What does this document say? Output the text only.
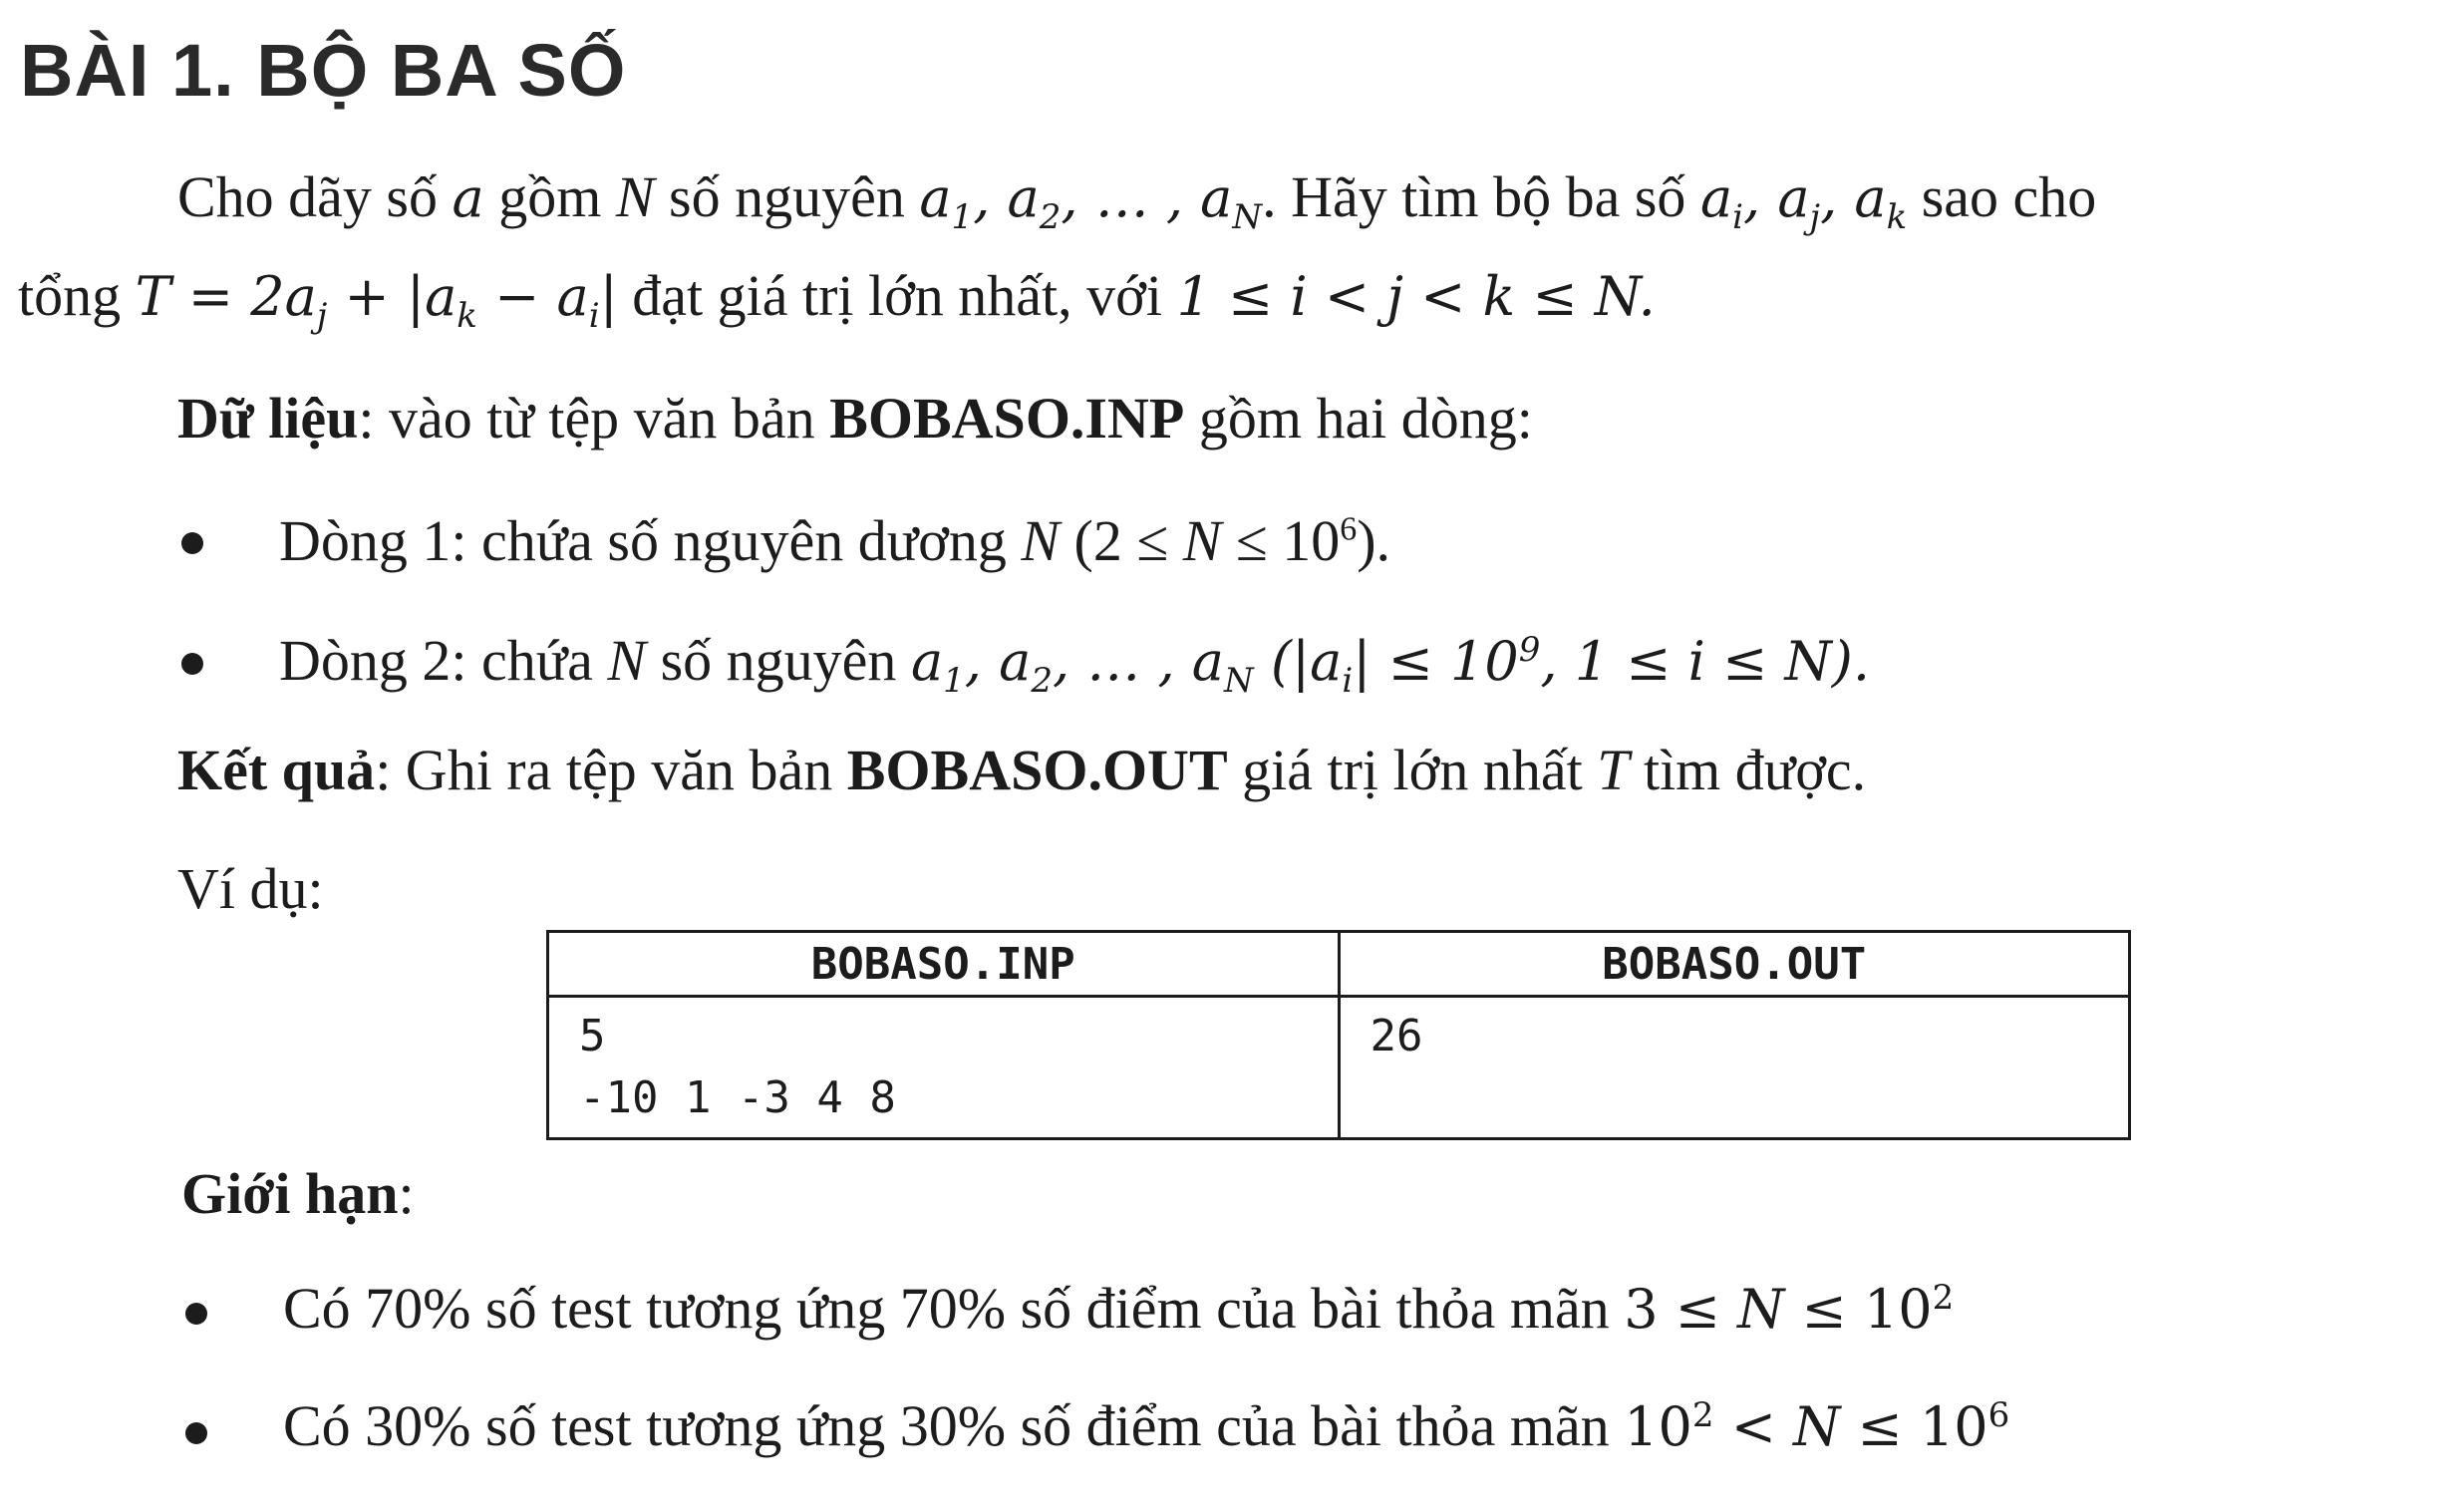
BÀI 1. BỘ BA SỐ
Cho dãy số a gồm N số nguyên $a_1$, $a_2$, … , $a_N$. Hãy tìm bộ ba số $a_i$, $a_j$, $a_k$ sao cho
tổng $T = 2a_j + |a_k - a_i|$ đạt giá trị lớn nhất, với 1 ≤ i < j < k ≤ N.
Dữ liệu: vào từ tệp văn bản BOBASO.INP gồm hai dòng:
Dòng 1: chứa số nguyên dương N $(2 \le N \le 10^6)$.
Dòng 2: chứa N số nguyên $a_1$, $a_2$, … , $a_N$ ($|a_i| \le 10^9$, 1 ≤ i ≤ N).
Kết quả: Ghi ra tệp văn bản BOBASO.OUT giá trị lớn nhất T tìm được.
Ví dụ:
BOBASO.INP	BOBASO.OUT

5
-10 1 -3 4 8	26
Giới hạn:
Có 70% số test tương ứng 70% số điểm của bài thỏa mãn $3 \le N \le 10^2$
Có 30% số test tương ứng 30% số điểm của bài thỏa mãn $10^2 < N \le 10^6$
